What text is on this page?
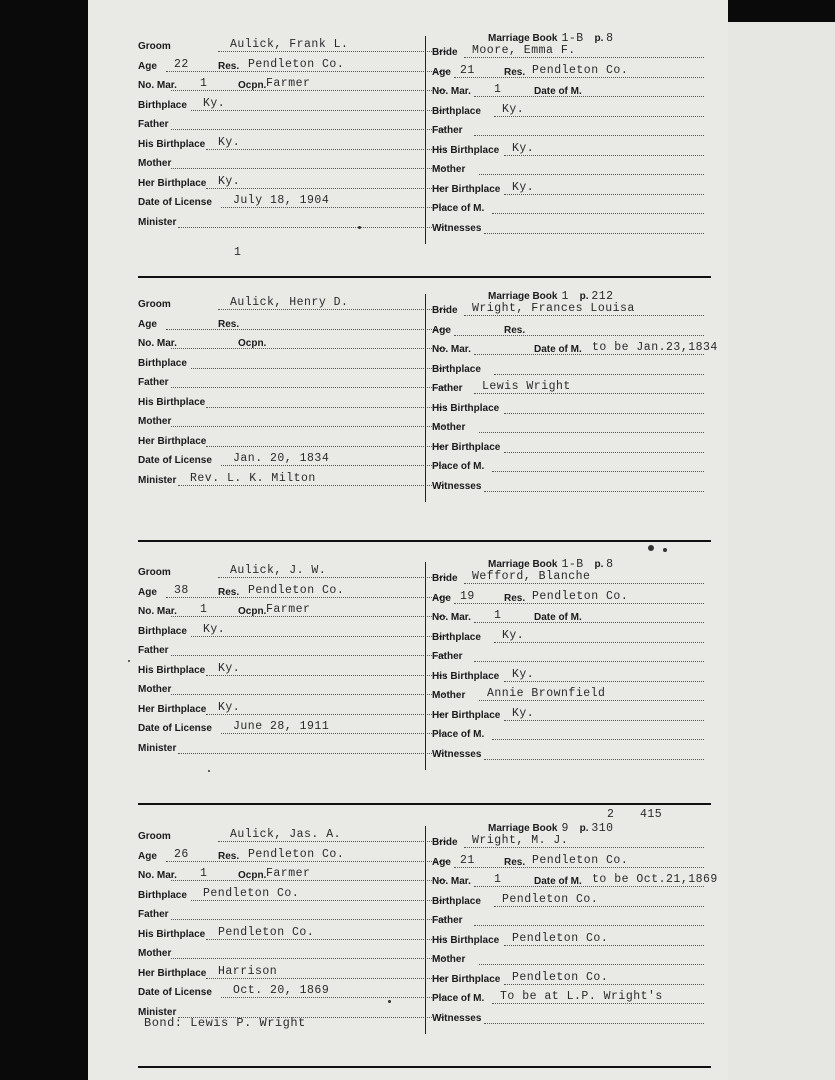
Groom	Aulick, Frank L.
Age 22	Res. Pendleton Co.
No. Mar. 1	Ocpn. Farmer
Birthplace Ky.
Father
His Birthplace Ky.
Mother
Her Birthplace Ky.
Date of License July 18, 1904
Minister
Marriage Book 1-B p. 8
Bride Moore, Emma F.
Age 21	Res. Pendleton Co.
No. Mar. 1	Date of M.
Birthplace Ky.
Father
His Birthplace Ky.
Mother
Her Birthplace Ky.
Place of M.
Witnesses
1
Groom	Aulick, Henry D.
Age	Res.
No. Mar.	Ocpn.
Birthplace
Father
His Birthplace
Mother
Her Birthplace
Date of License Jan. 20, 1834
Minister Rev. L. K. Milton
Marriage Book 1 p. 212
Bride Wright, Frances Louisa
Age	Res.
No. Mar.	Date of M. to be Jan.23,1834
Birthplace
Father Lewis Wright
His Birthplace
Mother
Her Birthplace
Place of M.
Witnesses
Groom	Aulick, J. W.
Age 38	Res. Pendleton Co.
No. Mar. 1	Ocpn. Farmer
Birthplace Ky.
Father
His Birthplace Ky.
Mother
Her Birthplace Ky.
Date of License June 28, 1911
Minister
Marriage Book 1-B p. 8
Bride Wefford, Blanche
Age 19	Res. Pendleton Co.
No. Mar. 1	Date of M.
Birthplace Ky.
Father
His Birthplace Ky.
Mother Annie Brownfield
Her Birthplace Ky.
Place of M.
Witnesses
Groom	Aulick, Jas. A.
Age 26	Res. Pendleton Co.
No. Mar. 1	Ocpn. Farmer
Birthplace Pendleton Co.
Father
His Birthplace Pendleton Co.
Mother
Her Birthplace Harrison
Date of License Oct. 20, 1869
Minister
Marriage Book 9 p. 310
2 415
Bride Wright, M. J.
Age 21	Res. Pendleton Co.
No. Mar. 1	Date of M. to be Oct.21,1869
Birthplace Pendleton Co.
Father
His Birthplace Pendleton Co.
Mother
Her Birthplace Pendleton Co.
Place of M. To be at L.P. Wright's
Witnesses
Bond: Lewis P. Wright
